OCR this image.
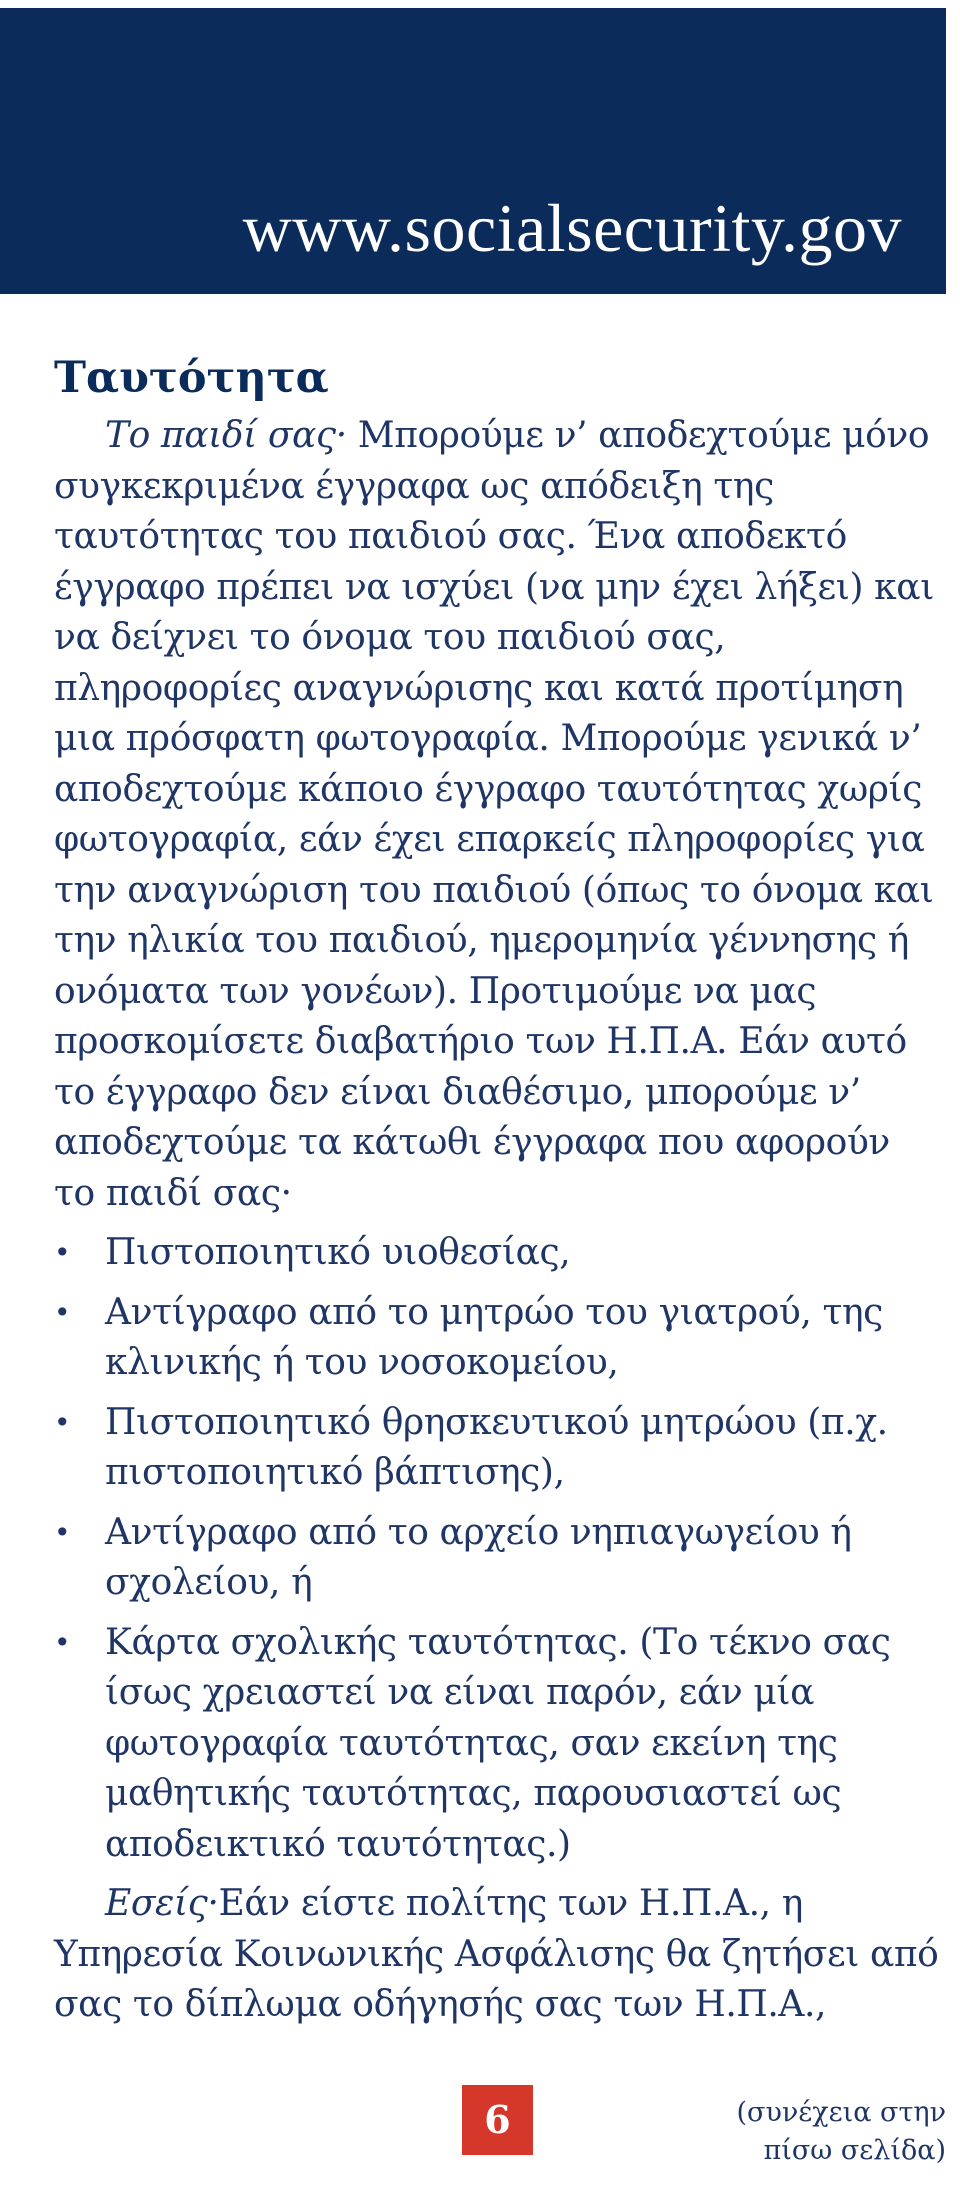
www.socialsecurity.gov
Ταυτότητα

Το παιδί σας· Μπορούμε ν’ αποδεχτούμε μόνο συγκεκριμένα έγγραφα ως απόδειξη της ταυτότητας του παιδιού σας. Ένα αποδεκτό έγγραφο πρέπει να ισχύει (να μην έχει λήξει) και να δείχνει το όνομα του παιδιού σας, πληροφορίες αναγνώρισης και κατά προτίμηση μια πρόσφατη φωτογραφία. Μπορούμε γενικά ν’ αποδεχτούμε κάποιο έγγραφο ταυτότητας χωρίς φωτογραφία, εάν έχει επαρκείς πληροφορίες για την αναγνώριση του παιδιού (όπως το όνομα και την ηλικία του παιδιού, ημερομηνία γέννησης ή ονόματα των γονέων). Προτιμούμε να μας προσκομίσετε διαβατήριο των Η.Π.Α. Εάν αυτό το έγγραφο δεν είναι διαθέσιμο, μπορούμε ν’ αποδεχτούμε τα κάτωθι έγγραφα που αφορούν το παιδί σας·

• Πιστοποιητικό υιοθεσίας,
• Αντίγραφο από το μητρώο του γιατρού, της κλινικής ή του νοσοκομείου,
• Πιστοποιητικό θρησκευτικού μητρώου (π.χ. πιστοποιητικό βάπτισης),
• Αντίγραφο από το αρχείο νηπιαγωγείου ή σχολείου, ή
• Κάρτα σχολικής ταυτότητας. (Το τέκνο σας ίσως χρειαστεί να είναι παρόν, εάν μία φωτογραφία ταυτότητας, σαν εκείνη της μαθητικής ταυτότητας, παρουσιαστεί ως αποδεικτικό ταυτότητας.)

Εσείς·Εάν είστε πολίτης των Η.Π.Α., η Υπηρεσία Κοινωνικής Ασφάλισης θα ζητήσει από σας το δίπλωμα οδήγησής σας των Η.Π.Α.,

6	(συνέχεια στην πίσω σελίδα)
